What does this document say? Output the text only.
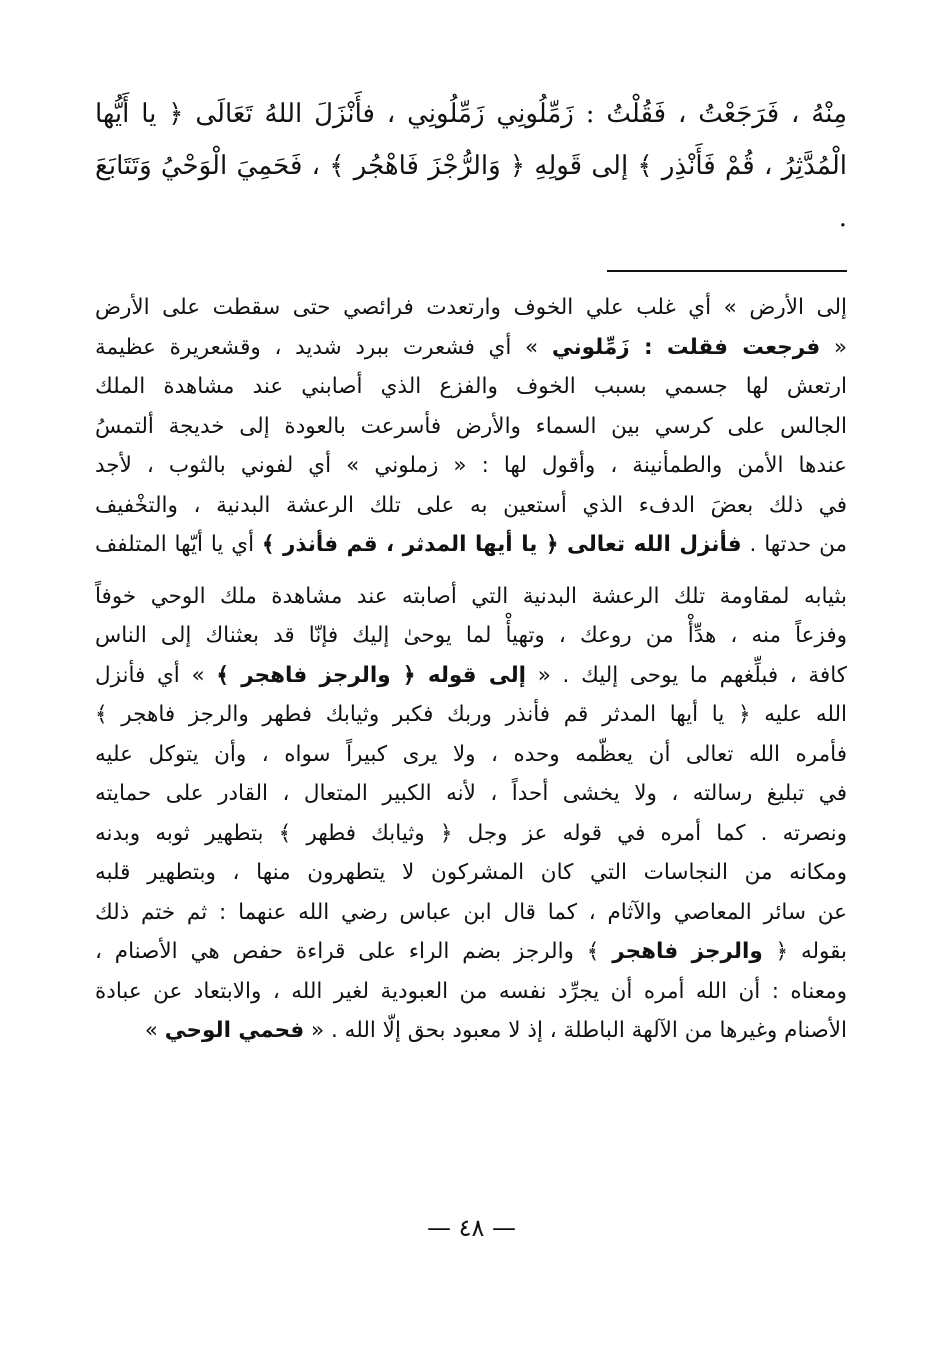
مِنْهُ ، فَرَجَعْتُ ، فَقُلْتُ : زَمِّلُونِي زَمِّلُونِي ، فأَنْزَلَ اللهُ تَعَالَى ﴿ يا أَيُّها الْمُدَّثِرُ ، قُمْ فَأَنْذِر ﴾ إلى قَولِهِ ﴿ وَالرُّجْزَ فَاهْجُر ﴾ ، فَحَمِيَ الْوَحْيُ وَتَتَابَعَ .

إلى الأرض » أي غلب علي الخوف وارتعدت فرائصي حتى سقطت على الأرض
« فرجعت فقلت : زَمِّلوني » أي فشعرت ببرد شديد ، وقشعريرة عظيمة
ارتعش لها جسمي بسبب الخوف والفزع الذي أصابني عند مشاهدة الملك
الجالس على كرسي بين السماء والأرض فأسرعت بالعودة إلى خديجة ألتمسُ
عندها الأمن والطمأنينة ، وأقول لها : « زملوني » أي لفوني بالثوب ، لأجد
في ذلك بعضَ الدفء الذي أستعين به على تلك الرعشة البدنية ، والتخْفيف
من حدتها . فأنزل الله تعالى ﴿ يا أيها المدثر ، قم فأنذر ﴾ أي يا أيّها المتلفف
بثيابه لمقاومة تلك الرعشة البدنية التي أصابته عند مشاهدة ملك الوحي خوفاً
وفزعاً منه ، هدِّأْ من روعك ، وتهيأْ لما يوحىٰ إليك فإنّا قد بعثناك إلى الناس
كافة ، فبلِّغهم ما يوحى إليك . « إلى قوله ﴿ والرجز فاهجر ﴾ » أي فأنزل
الله عليه ﴿ يا أيها المدثر قم فأنذر وربك فكبر وثيابك فطهر والرجز فاهجر ﴾
فأمره الله تعالى أن يعظّمه وحده ، ولا يرى كبيراً سواه ، وأن يتوكل عليه
في تبليغ رسالته ، ولا يخشى أحداً ، لأنه الكبير المتعال ، القادر على حمايته
ونصرته . كما أمره في قوله عز وجل ﴿ وثيابك فطهر ﴾ بتطهير ثوبه وبدنه
ومكانه من النجاسات التي كان المشركون لا يتطهرون منها ، وبتطهير قلبه
عن سائر المعاصي والآثام ، كما قال ابن عباس رضي الله عنهما : ثم ختم ذلك
بقوله ﴿ والرجز فاهجر ﴾ والرجز بضم الراء على قراءة حفص هي الأصنام ،
ومعناه : أن الله أمره أن يجرِّد نفسه من العبودية لغير الله ، والابتعاد عن عبادة
الأصنام وغيرها من الآلهة الباطلة ، إذ لا معبود بحق إلّا الله . « فحمي الوحي »
— ٤٨ —
